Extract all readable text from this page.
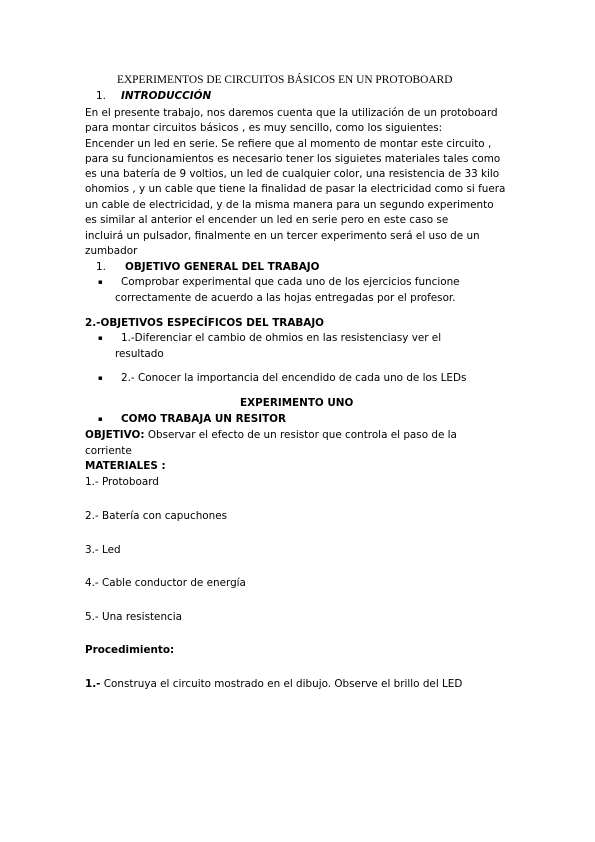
EXPERIMENTOS DE CIRCUITOS BÁSICOS EN UN PROTOBOARD
1. INTRODUCCIÓN
En el presente trabajo, nos daremos cuenta que la utilización de un protoboard
para montar circuitos básicos , es muy sencillo, como los siguientes:
Encender un led en serie. Se refiere que al momento de montar este circuito ,
para su funcionamientos es necesario tener los siguietes materiales tales como
es una batería de 9 voltios, un led de cualquier color, una resistencia de 33 kilo
ohomios , y un cable que tiene la finalidad de pasar la electricidad como si fuera
un cable de electricidad, y de la misma manera para un segundo experimento
es similar al anterior el encender un led en serie pero en este caso se
incluirá un pulsador, finalmente en un tercer experimento será el uso de un
zumbador
1. OBJETIVO GENERAL DEL TRABAJO
▪ Comprobar experimental que cada uno de los ejercicios funcione
correctamente de acuerdo a las hojas entregadas por el profesor.
2.-OBJETIVOS ESPECÍFICOS DEL TRABAJO
▪ 1.-Diferenciar el cambio de ohmios en las resistenciasy ver el
resultado
▪ 2.- Conocer la importancia del encendido de cada uno de los LEDs
EXPERIMENTO UNO
▪ COMO TRABAJA UN RESITOR
OBJETIVO: Observar el efecto de un resistor que controla el paso de la
corriente
MATERIALES :
1.- Protoboard
2.- Batería con capuchones
3.- Led
4.- Cable conductor de energía
5.- Una resistencia
Procedimiento:
1.- Construya el circuito mostrado en el dibujo. Observe el brillo del LED
